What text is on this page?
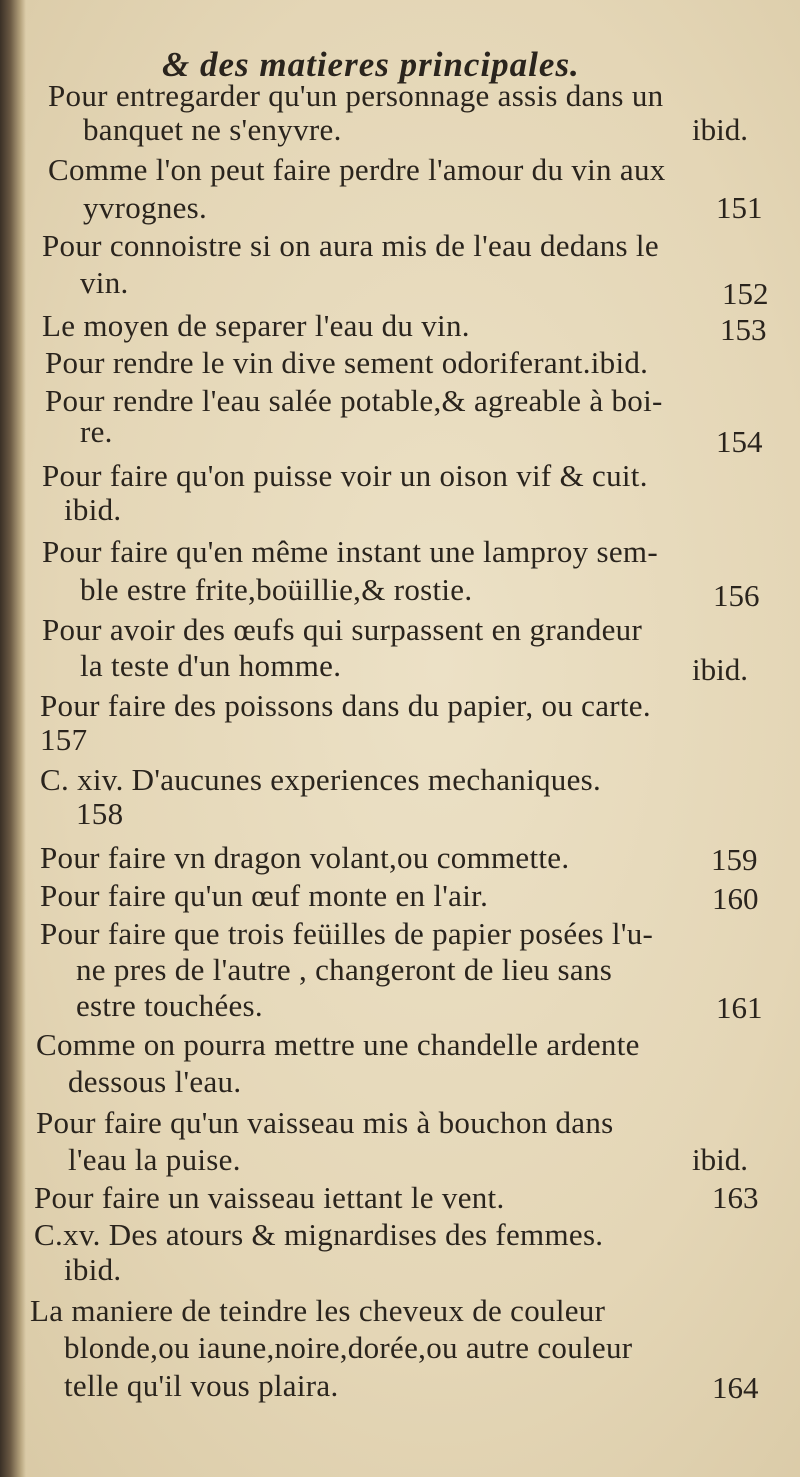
& des matieres principales.
Pour entregarder qu'un personnage assis dans un
banquet ne s'enyvre.	ibid.
Comme l'on peut faire perdre l'amour du vin aux
yvrognes.	151
Pour connoistre si on aura mis de l'eau dedans le
vin.	152
Le moyen de separer l'eau du vin.	153
Pour rendre le vin dive sement odoriferant.ibid.
Pour rendre l'eau salée potable,& agreable à boi-
re.	154
Pour faire qu'on puisse voir un oison vif & cuit.
ibid.
Pour faire qu'en même instant une lamproy sem-
ble estre frite,boüillie,& rostie.	156
Pour avoir des œufs qui surpassent en grandeur
la teste d'un homme.	ibid.
Pour faire des poissons dans du papier, ou carte.
157
C. xiv. D'aucunes experiences mechaniques.
158
Pour faire vn dragon volant,ou commette.	159
Pour faire qu'un œuf monte en l'air.	160
Pour faire que trois feüilles de papier posées l'u-
ne pres de l'autre , changeront de lieu sans
estre touchées.	161
Comme on pourra mettre une chandelle ardente
dessous l'eau.
Pour faire qu'un vaisseau mis à bouchon dans
l'eau la puise.	ibid.
Pour faire un vaisseau iettant le vent.	163
C.xv. Des atours & mignardises des femmes.
ibid.
La maniere de teindre les cheveux de couleur
blonde,ou iaune,noire,dorée,ou autre couleur
telle qu'il vous plaira.	164
